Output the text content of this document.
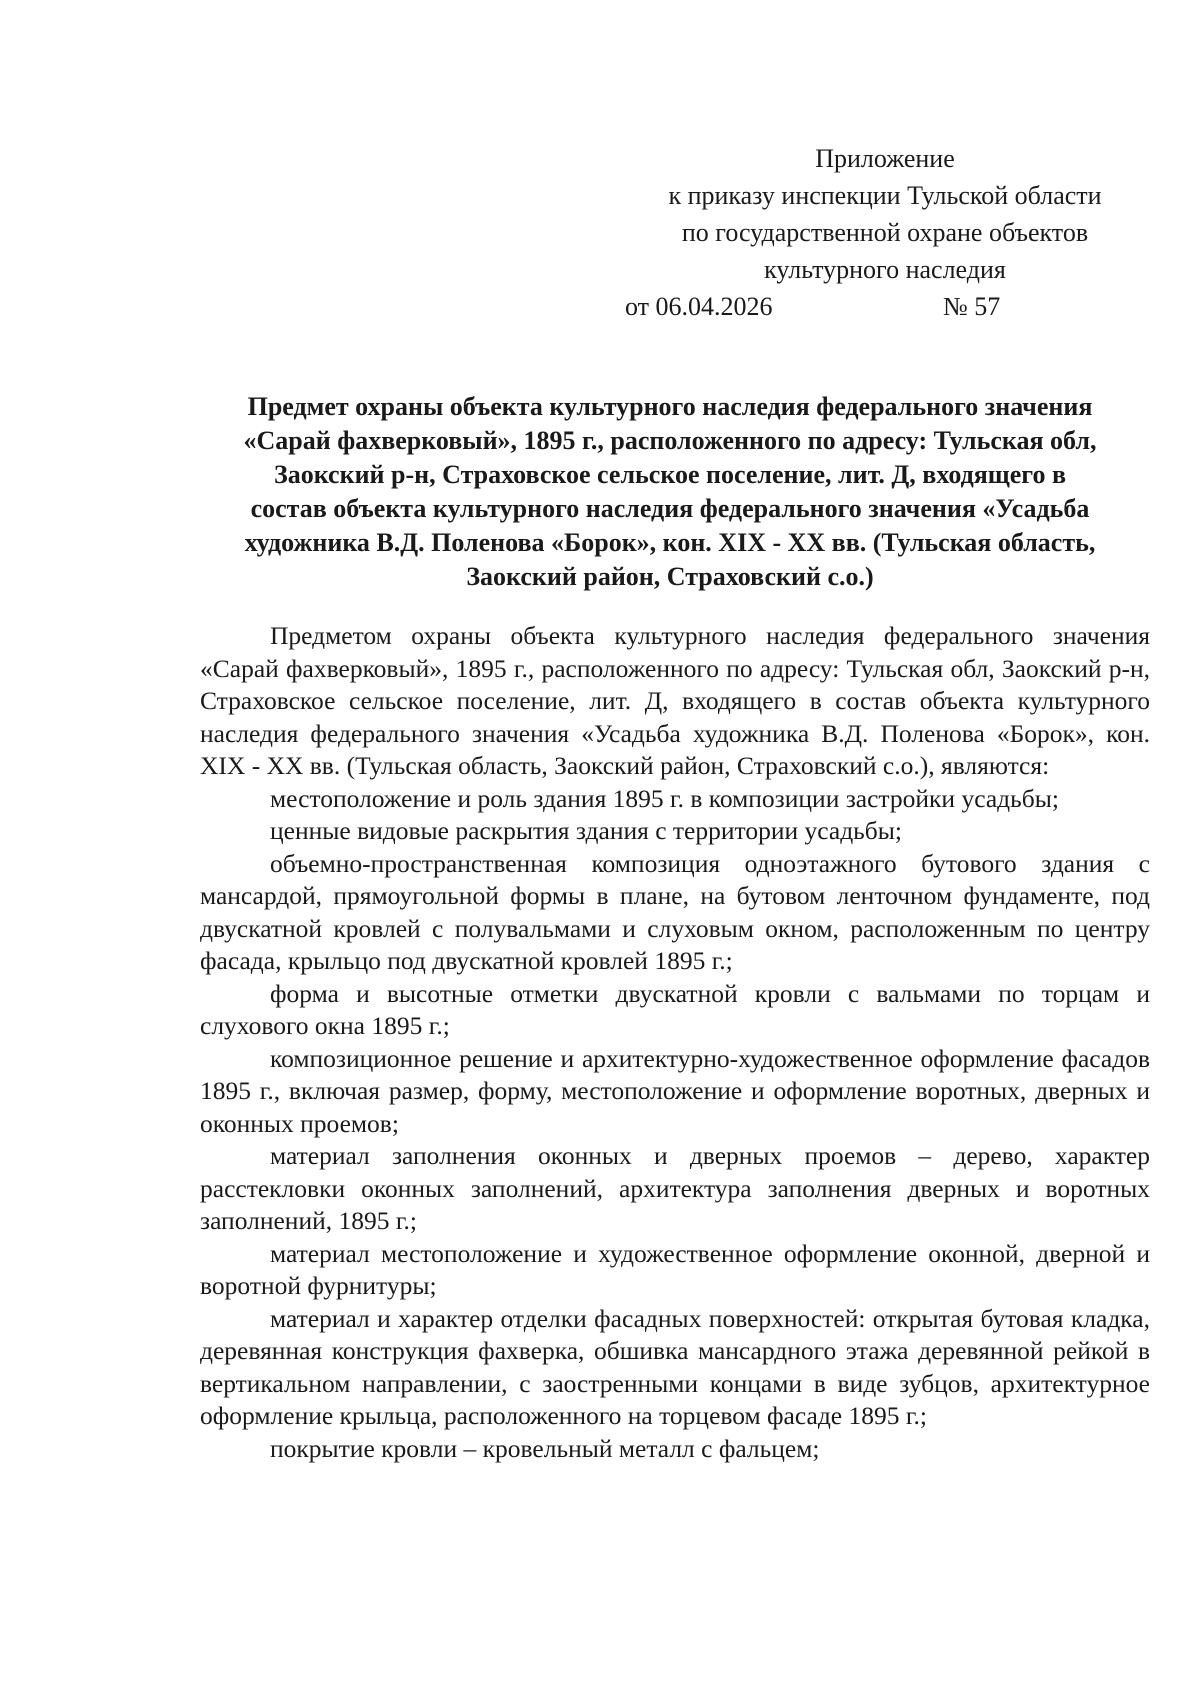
Приложение
к приказу инспекции Тульской области
по государственной охране объектов
культурного наследия
от 06.04.2026	№ 57
Предмет охраны объекта культурного наследия федерального значения
«Сарай фахверковый», 1895 г., расположенного по адресу: Тульская обл,
Заокский р-н, Страховское сельское поселение, лит. Д, входящего в
состав объекта культурного наследия федерального значения «Усадьба
художника В.Д. Поленова «Борок», кон. XIX - XX вв. (Тульская область,
Заокский район, Страховский с.о.)

Предметом охраны объекта культурного наследия федерального значения «Сарай фахверковый», 1895 г., расположенного по адресу: Тульская обл, Заокский р-н, Страховское сельское поселение, лит. Д, входящего в состав объекта культурного наследия федерального значения «Усадьба художника В.Д. Поленова «Борок», кон. XIX - XX вв. (Тульская область, Заокский район, Страховский с.о.), являются:

местоположение и роль здания 1895 г. в композиции застройки усадьбы;

ценные видовые раскрытия здания с территории усадьбы;

объемно-пространственная композиция одноэтажного бутового здания с мансардой, прямоугольной формы в плане, на бутовом ленточном фундаменте, под двускатной кровлей с полувальмами и слуховым окном, расположенным по центру фасада, крыльцо под двускатной кровлей 1895 г.;

форма и высотные отметки двускатной кровли с вальмами по торцам и слухового окна 1895 г.;

композиционное решение и архитектурно-художественное оформление фасадов 1895 г., включая размер, форму, местоположение и оформление воротных, дверных и оконных проемов;

материал заполнения оконных и дверных проемов – дерево, характер расстекловки оконных заполнений, архитектура заполнения дверных и воротных заполнений, 1895 г.;

материал местоположение и художественное оформление оконной, дверной и воротной фурнитуры;

материал и характер отделки фасадных поверхностей: открытая бутовая кладка, деревянная конструкция фахверка, обшивка мансардного этажа деревянной рейкой в вертикальном направлении, с заостренными концами в виде зубцов, архитектурное оформление крыльца, расположенного на торцевом фасаде 1895 г.;

покрытие кровли – кровельный металл с фальцем;
